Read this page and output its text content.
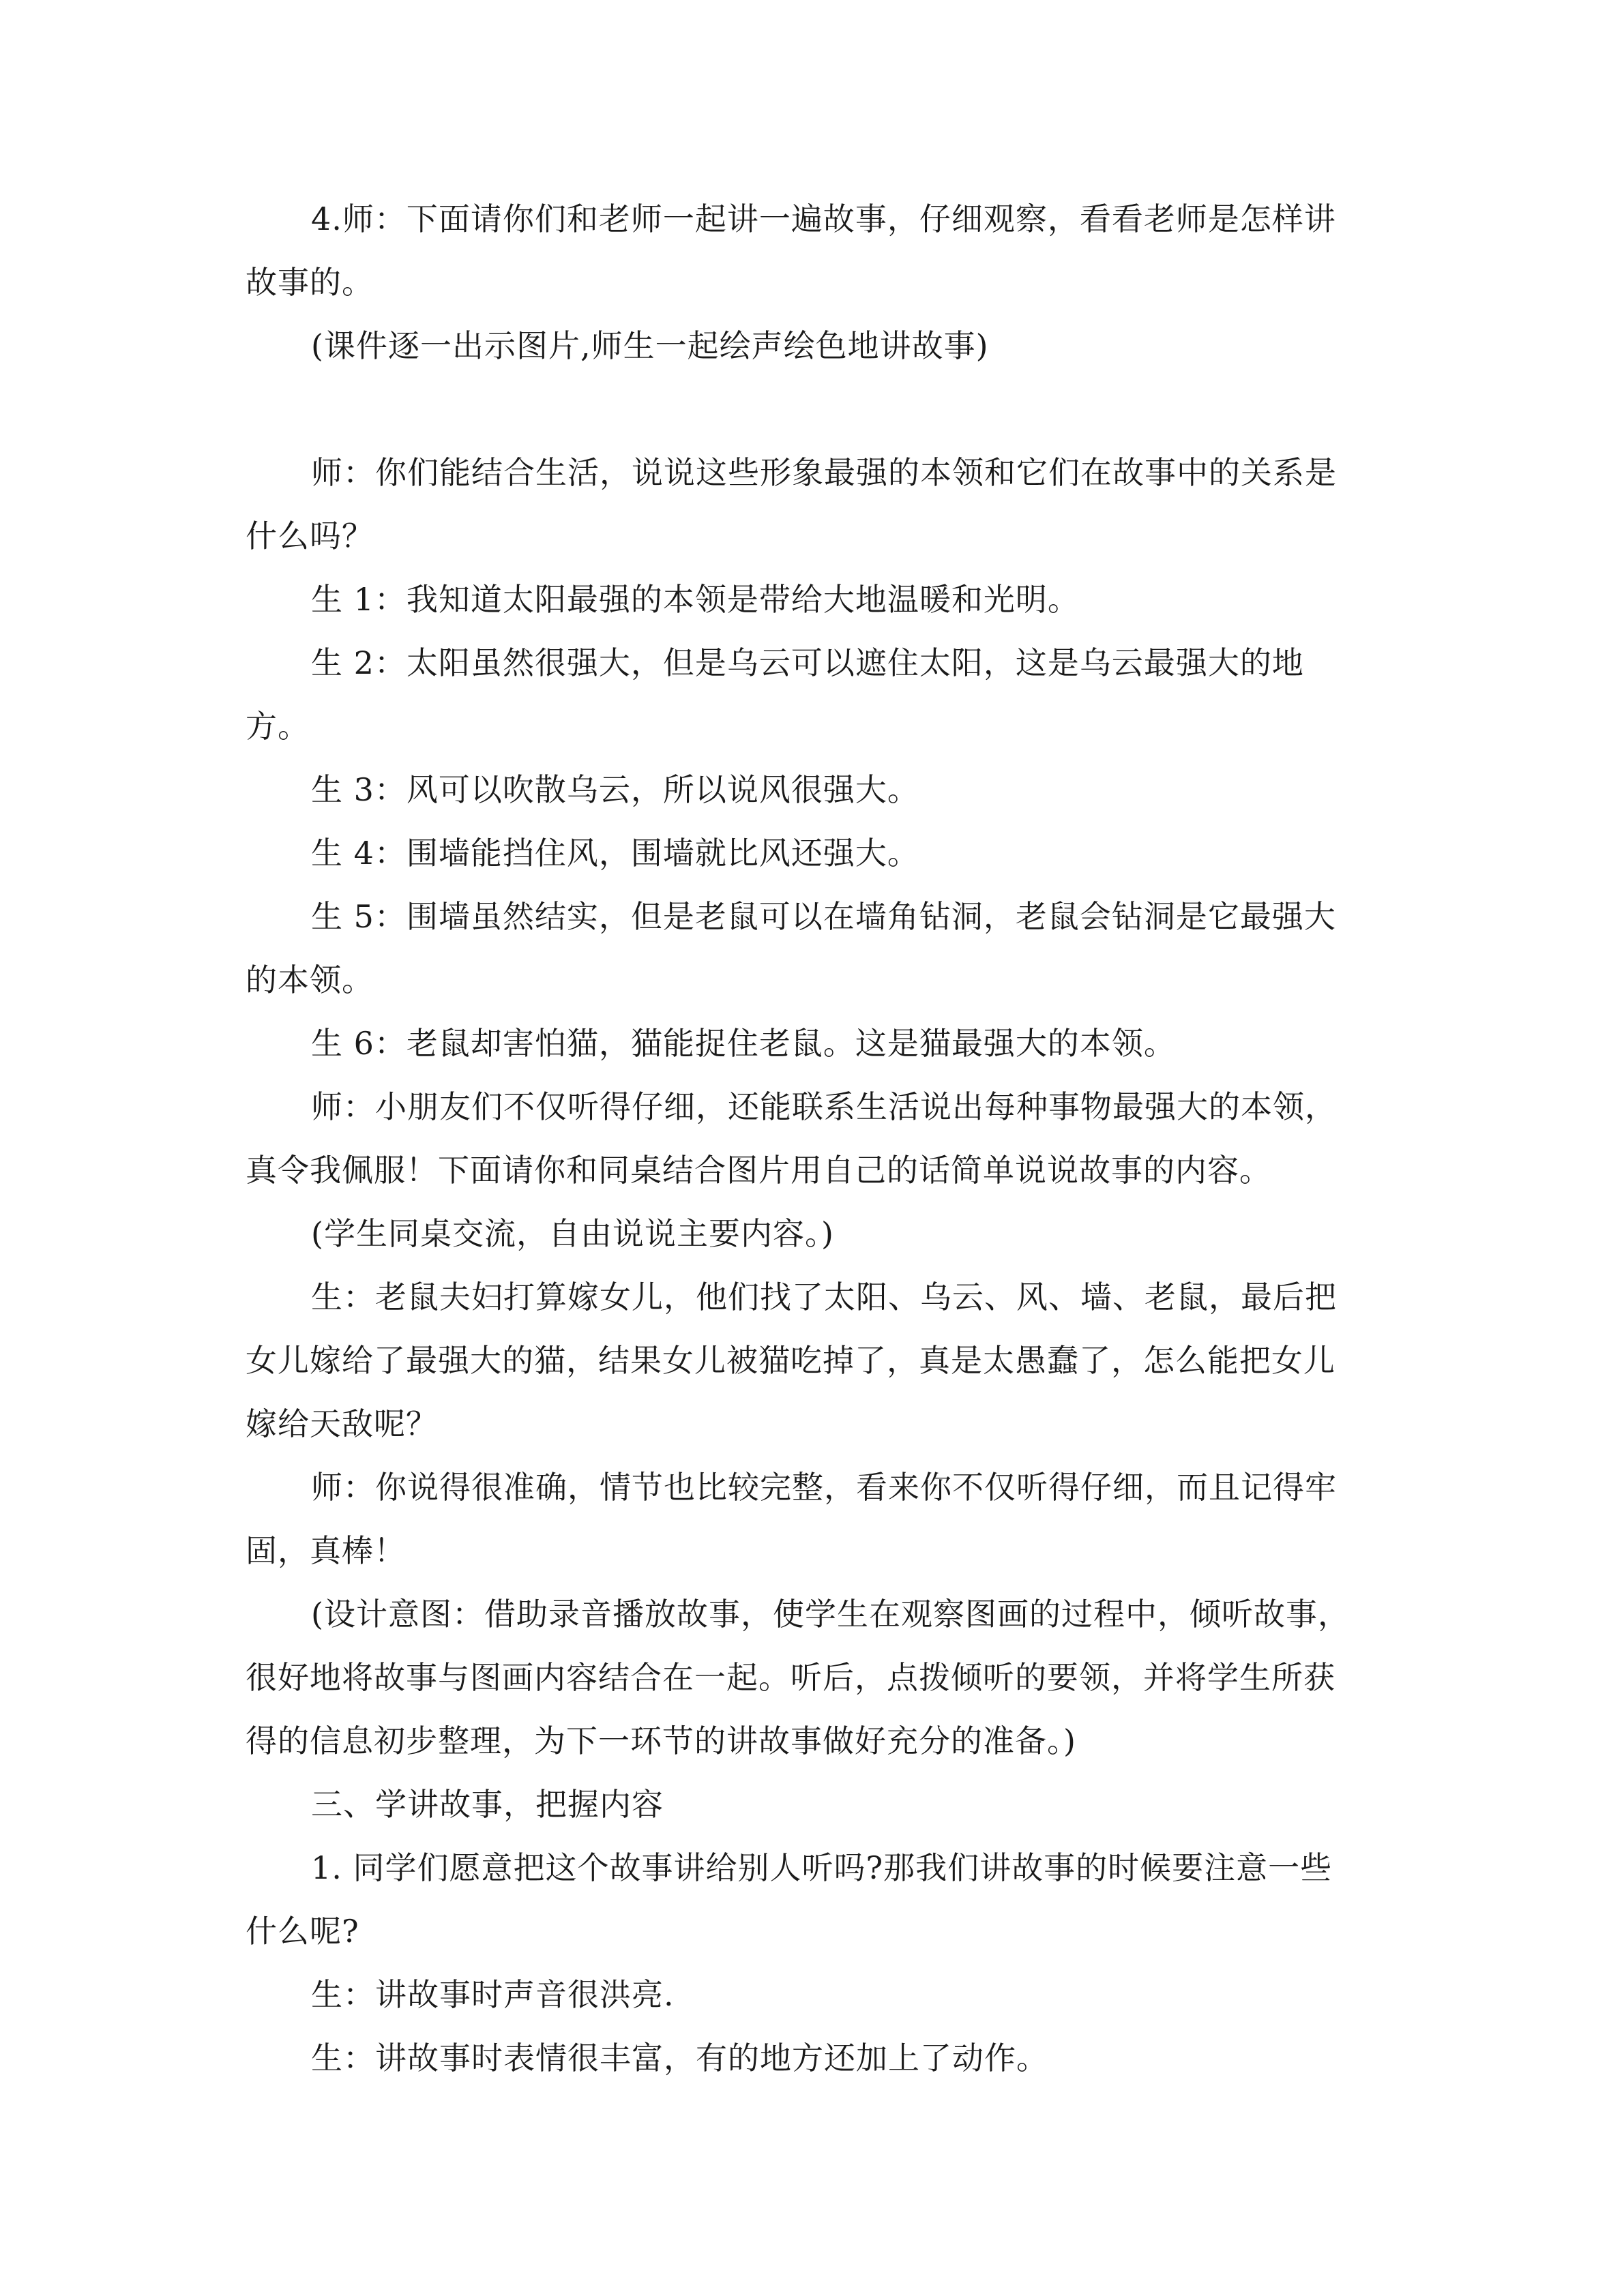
4.师：下面请你们和老师一起讲一遍故事，仔细观察，看看老师是怎样讲故事的。

(课件逐一出示图片,师生一起绘声绘色地讲故事)

师：你们能结合生活，说说这些形象最强的本领和它们在故事中的关系是什么吗？

生 1：我知道太阳最强的本领是带给大地温暖和光明。

生 2：太阳虽然很强大，但是乌云可以遮住太阳，这是乌云最强大的地方。

生 3：风可以吹散乌云，所以说风很强大。

生 4：围墙能挡住风，围墙就比风还强大。

生 5：围墙虽然结实，但是老鼠可以在墙角钻洞，老鼠会钻洞是它最强大的本领。

生 6：老鼠却害怕猫，猫能捉住老鼠。这是猫最强大的本领。

师：小朋友们不仅听得仔细，还能联系生活说出每种事物最强大的本领，真令我佩服！下面请你和同桌结合图片用自己的话简单说说故事的内容。

(学生同桌交流，自由说说主要内容。)

生：老鼠夫妇打算嫁女儿，他们找了太阳、乌云、风、墙、老鼠，最后把女儿嫁给了最强大的猫，结果女儿被猫吃掉了，真是太愚蠢了，怎么能把女儿嫁给天敌呢？

师：你说得很准确，情节也比较完整，看来你不仅听得仔细，而且记得牢固，真棒！

(设计意图：借助录音播放故事，使学生在观察图画的过程中，倾听故事，很好地将故事与图画内容结合在一起。听后，点拨倾听的要领，并将学生所获得的信息初步整理，为下一环节的讲故事做好充分的准备。)

三、学讲故事，把握内容

1. 同学们愿意把这个故事讲给别人听吗?那我们讲故事的时候要注意一些什么呢?

生：讲故事时声音很洪亮.

生：讲故事时表情很丰富，有的地方还加上了动作。
